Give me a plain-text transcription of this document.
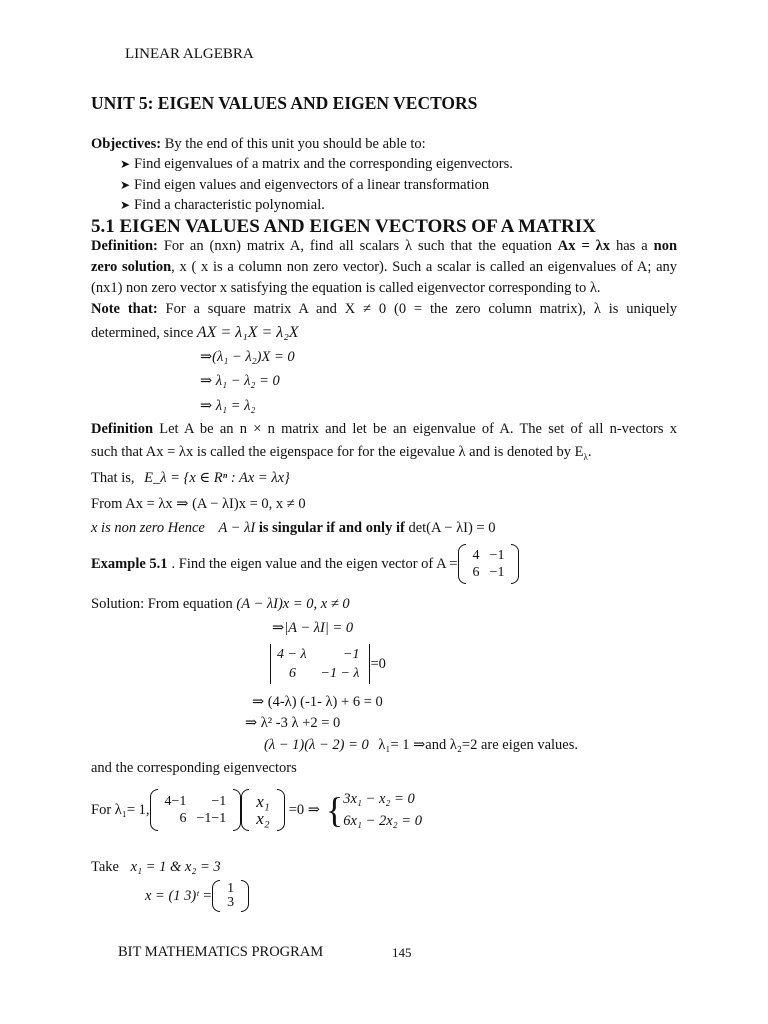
LINEAR ALGEBRA
UNIT 5: EIGEN VALUES AND EIGEN VECTORS
Objectives: By the end of this unit you should be able to:
➤ Find eigenvalues of a matrix and the corresponding eigenvectors.
➤ Find eigen values and eigenvectors of a linear transformation
➤ Find a characteristic polynomial.
5.1 EIGEN VALUES AND EIGEN VECTORS OF A MATRIX
Definition: For an (nxn) matrix A, find all scalars λ such that the equation Ax = λx has a non
zero solution, x ( x is a column non zero vector). Such a scalar is called an eigenvalues of A; any
(nx1) non zero vector x satisfying the equation is called eigenvector corresponding to λ.
Note that: For a square matrix A and X ≠ 0 (0 = the zero column matrix), λ is uniquely
determined, since AX = λ₁X = λ₂X
⇒(λ₁ − λ₂)X = 0
⇒ λ₁ − λ₂ = 0
⇒ λ₁ = λ₂
Definition Let A be an n × n matrix and let be an eigenvalue of A. The set of all n-vectors x
such that Ax = λx is called the eigenspace for for the eigevalue λ and is denoted by $E_\lambda$.
That is, E_λ = {x ∈ Rⁿ : Ax = λx}
From Ax = λx ⇒ (A − λI)x = 0, x ≠ 0
x is non zero Hence A − λI is singular if and only if det(A − λI) = 0
Example 5.1 . Find the eigen value and the eigen vector of A = 4	−1
6	−1
Solution: From equation (A − λI)x = 0, x ≠ 0
⇒|A − λI| = 0
4 − λ	−1
6	−1 − λ
=0
⇒ (4-λ) (-1- λ) + 6 = 0
⇒ λ² -3 λ +2 = 0
(λ − 1)(λ − 2) = 0 λ₁= 1 ⇒and λ₂=2 are eigen values.
and the corresponding eigenvectors
For λ₁= 1, 4−1	−1
6	−1−1
x₁
x₂ =0 ⇒ { 3x₁ − x₂ = 0
6x₁ − 2x₂ = 0
Take x₁ = 1 & x₂ = 3
x = (1 3)ᵗ = 1
3
BIT MATHEMATICS PROGRAM	145
